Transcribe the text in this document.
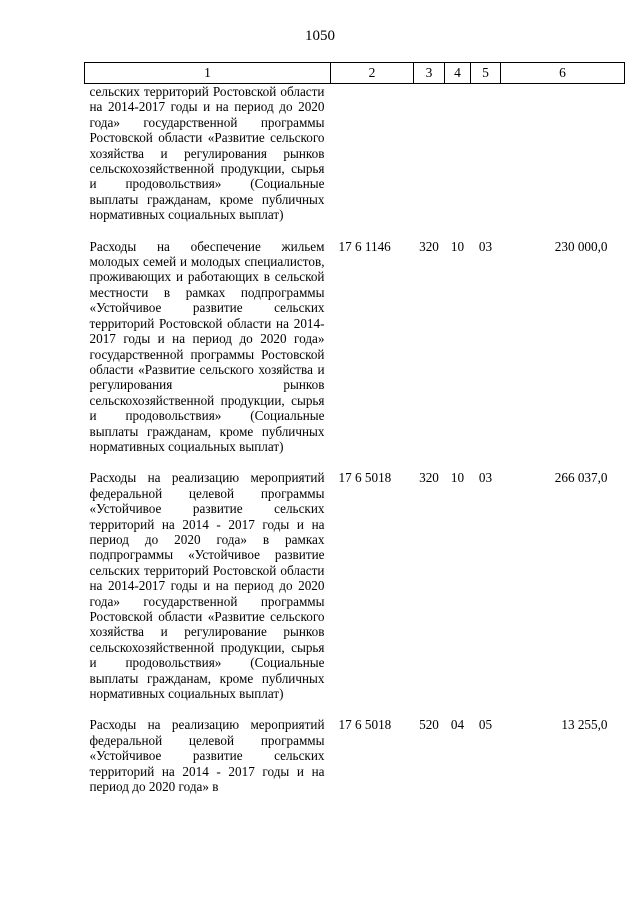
1050
1	2	3	4	5	6
сельских территорий Ростовской области на 2014-2017 годы и на период до 2020 года» государственной программы Ростовской области «Развитие сельского хозяйства и регулирования рынков сельскохозяйственной продукции, сырья и продовольствия» (Социальные выплаты гражданам, кроме публичных нормативных социальных выплат)					
Расходы на обеспечение жильем молодых семей и молодых специалистов, проживающих и работающих в сельской местности в рамках подпрограммы «Устойчивое развитие сельских территорий Ростовской области на 2014-2017 годы и на период до 2020 года» государственной программы Ростовской области «Развитие сельского хозяйства и регулирования рынков сельскохозяйственной продукции, сырья и продовольствия» (Социальные выплаты гражданам, кроме публичных нормативных социальных выплат)	17 6 1146	320	10	03	230 000,0
Расходы на реализацию мероприятий федеральной целевой программы «Устойчивое развитие сельских территорий на 2014 - 2017 годы и на период до 2020 года» в рамках подпрограммы «Устойчивое развитие сельских территорий Ростовской области на 2014-2017 годы и на период до 2020 года» государственной программы Ростовской области «Развитие сельского хозяйства и регулирование рынков сельскохозяйственной продукции, сырья и продовольствия» (Социальные выплаты гражданам, кроме публичных нормативных социальных выплат)	17 6 5018	320	10	03	266 037,0
Расходы на реализацию мероприятий федеральной целевой программы «Устойчивое развитие сельских территорий на 2014 - 2017 годы и на период до 2020 года» в	17 6 5018	520	04	05	13 255,0
